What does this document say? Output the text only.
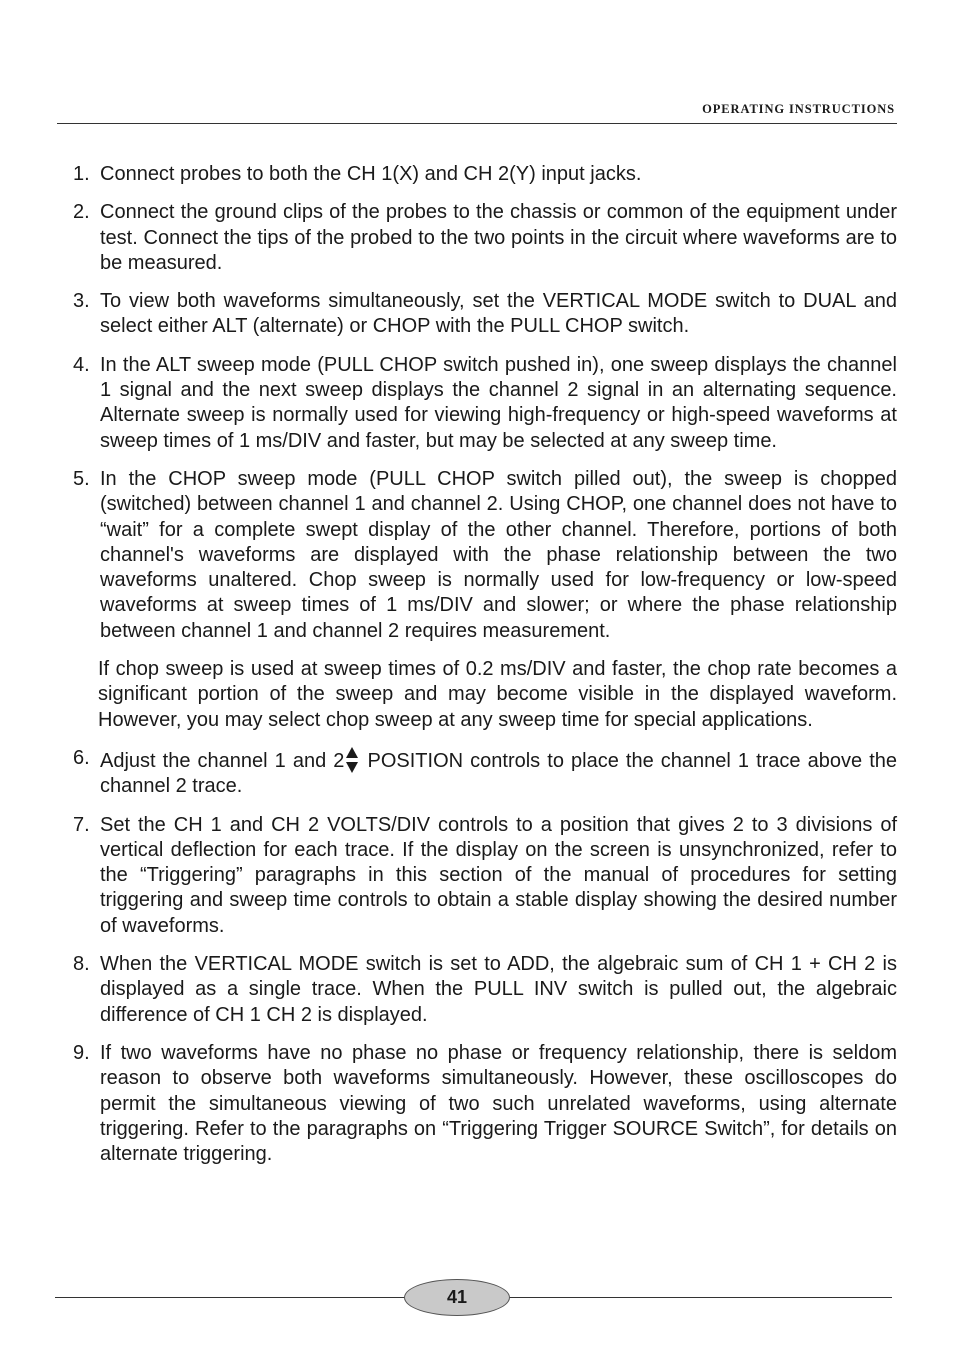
OPERATING INSTRUCTIONS
1. Connect probes to both the CH 1(X) and CH 2(Y) input jacks.
2. Connect the ground clips of the probes to the chassis or common of the equipment under test. Connect the tips of the probed to the two points in the circuit where waveforms are to be measured.
3. To view both waveforms simultaneously, set the VERTICAL MODE switch to DUAL and select either ALT (alternate) or CHOP with the PULL CHOP switch.
4. In the ALT sweep mode (PULL CHOP switch pushed in), one sweep displays the channel 1 signal and the next sweep displays the channel 2 signal in an alternating sequence. Alternate sweep is normally used for viewing high-frequency or high-speed waveforms at sweep times of 1 ms/DIV and faster, but may be selected at any sweep time.
5. In the CHOP sweep mode (PULL CHOP switch pilled out), the sweep is chopped (switched) between channel 1 and channel 2. Using CHOP, one channel does not have to “wait” for a complete swept display of the other channel. Therefore, portions of both channel's waveforms are displayed with the phase relationship between the two waveforms unaltered. Chop sweep is normally used for low-frequency or low-speed waveforms at sweep times of 1 ms/DIV and slower; or where the phase relationship between channel 1 and channel 2 requires measurement.
If chop sweep is used at sweep times of 0.2 ms/DIV and faster, the chop rate becomes a significant portion of the sweep and may become visible in the displayed waveform. However, you may select chop sweep at any sweep time for special applications.
6. Adjust the channel 1 and 2 POSITION controls to place the channel 1 trace above the channel 2 trace.
7. Set the CH 1 and CH 2 VOLTS/DIV controls to a position that gives 2 to 3 divisions of vertical deflection for each trace. If the display on the screen is unsynchronized, refer to the “Triggering” paragraphs in this section of the manual of procedures for setting triggering and sweep time controls to obtain a stable display showing the desired number of waveforms.
8. When the VERTICAL MODE switch is set to ADD, the algebraic sum of CH 1 + CH 2 is displayed as a single trace. When the PULL INV switch is pulled out, the algebraic difference of CH 1 CH 2 is displayed.
9. If two waveforms have no phase no phase or frequency relationship, there is seldom reason to observe both waveforms simultaneously. However, these oscilloscopes do permit the simultaneous viewing of two such unrelated waveforms, using alternate triggering. Refer to the paragraphs on “Triggering Trigger SOURCE Switch”, for details on alternate triggering.
41
